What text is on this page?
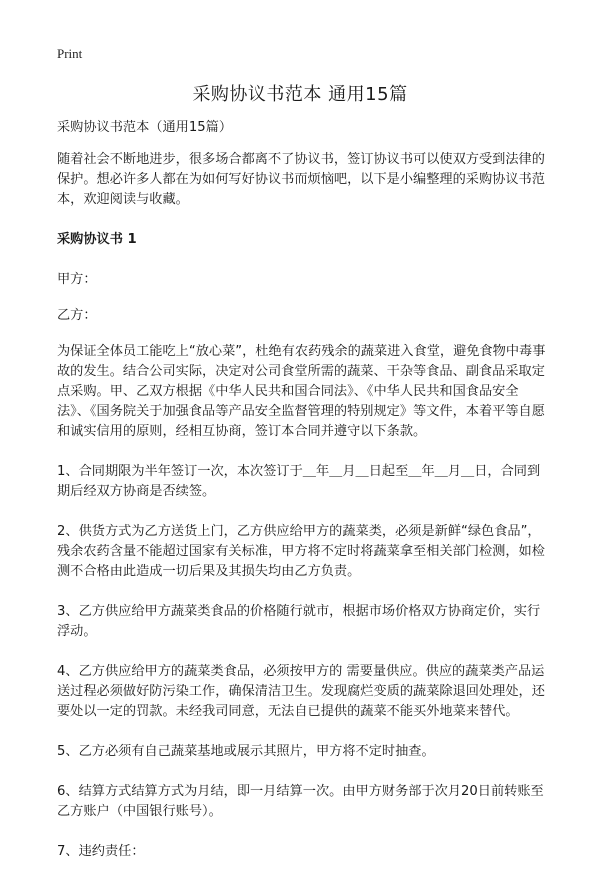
Print
采购协议书范本 通用15篇

采购协议书范本（通用15篇）

随着社会不断地进步，很多场合都离不了协议书，签订协议书可以使双方受到法律的保护。想必许多人都在为如何写好协议书而烦恼吧，以下是小编整理的采购协议书范本，欢迎阅读与收藏。

采购协议书 1

甲方：

乙方：

为保证全体员工能吃上“放心菜”，杜绝有农药残余的蔬菜进入食堂，避免食物中毒事故的发生。结合公司实际，决定对公司食堂所需的蔬菜、干杂等食品、副食品采取定点采购。甲、乙双方根据《中华人民共和国合同法》、《中华人民共和国食品安全法》、《国务院关于加强食品等产品安全监督管理的特别规定》等文件，本着平等自愿和诚实信用的原则，经相互协商，签订本合同并遵守以下条款。

1、合同期限为半年签订一次，本次签订于＿年＿月＿日起至＿年＿月＿日，合同到期后经双方协商是否续签。

2、供货方式为乙方送货上门，乙方供应给甲方的蔬菜类，必须是新鲜“绿色食品”，残余农药含量不能超过国家有关标准，甲方将不定时将蔬菜拿至相关部门检测，如检测不合格由此造成一切后果及其损失均由乙方负责。

3、乙方供应给甲方蔬菜类食品的价格随行就市，根据市场价格双方协商定价，实行浮动。

4、乙方供应给甲方的蔬菜类食品，必须按甲方的 需要量供应。供应的蔬菜类产品运送过程必须做好防污染工作，确保清洁卫生。发现腐烂变质的蔬菜除退回处理处，还要处以一定的罚款。未经我司同意，无法自已提供的蔬菜不能买外地菜来替代。

5、乙方必须有自己蔬菜基地或展示其照片，甲方将不定时抽查。

6、结算方式结算方式为月结，即一月结算一次。由甲方财务部于次月20日前转账至乙方账户（中国银行账号）。

7、违约责任：
